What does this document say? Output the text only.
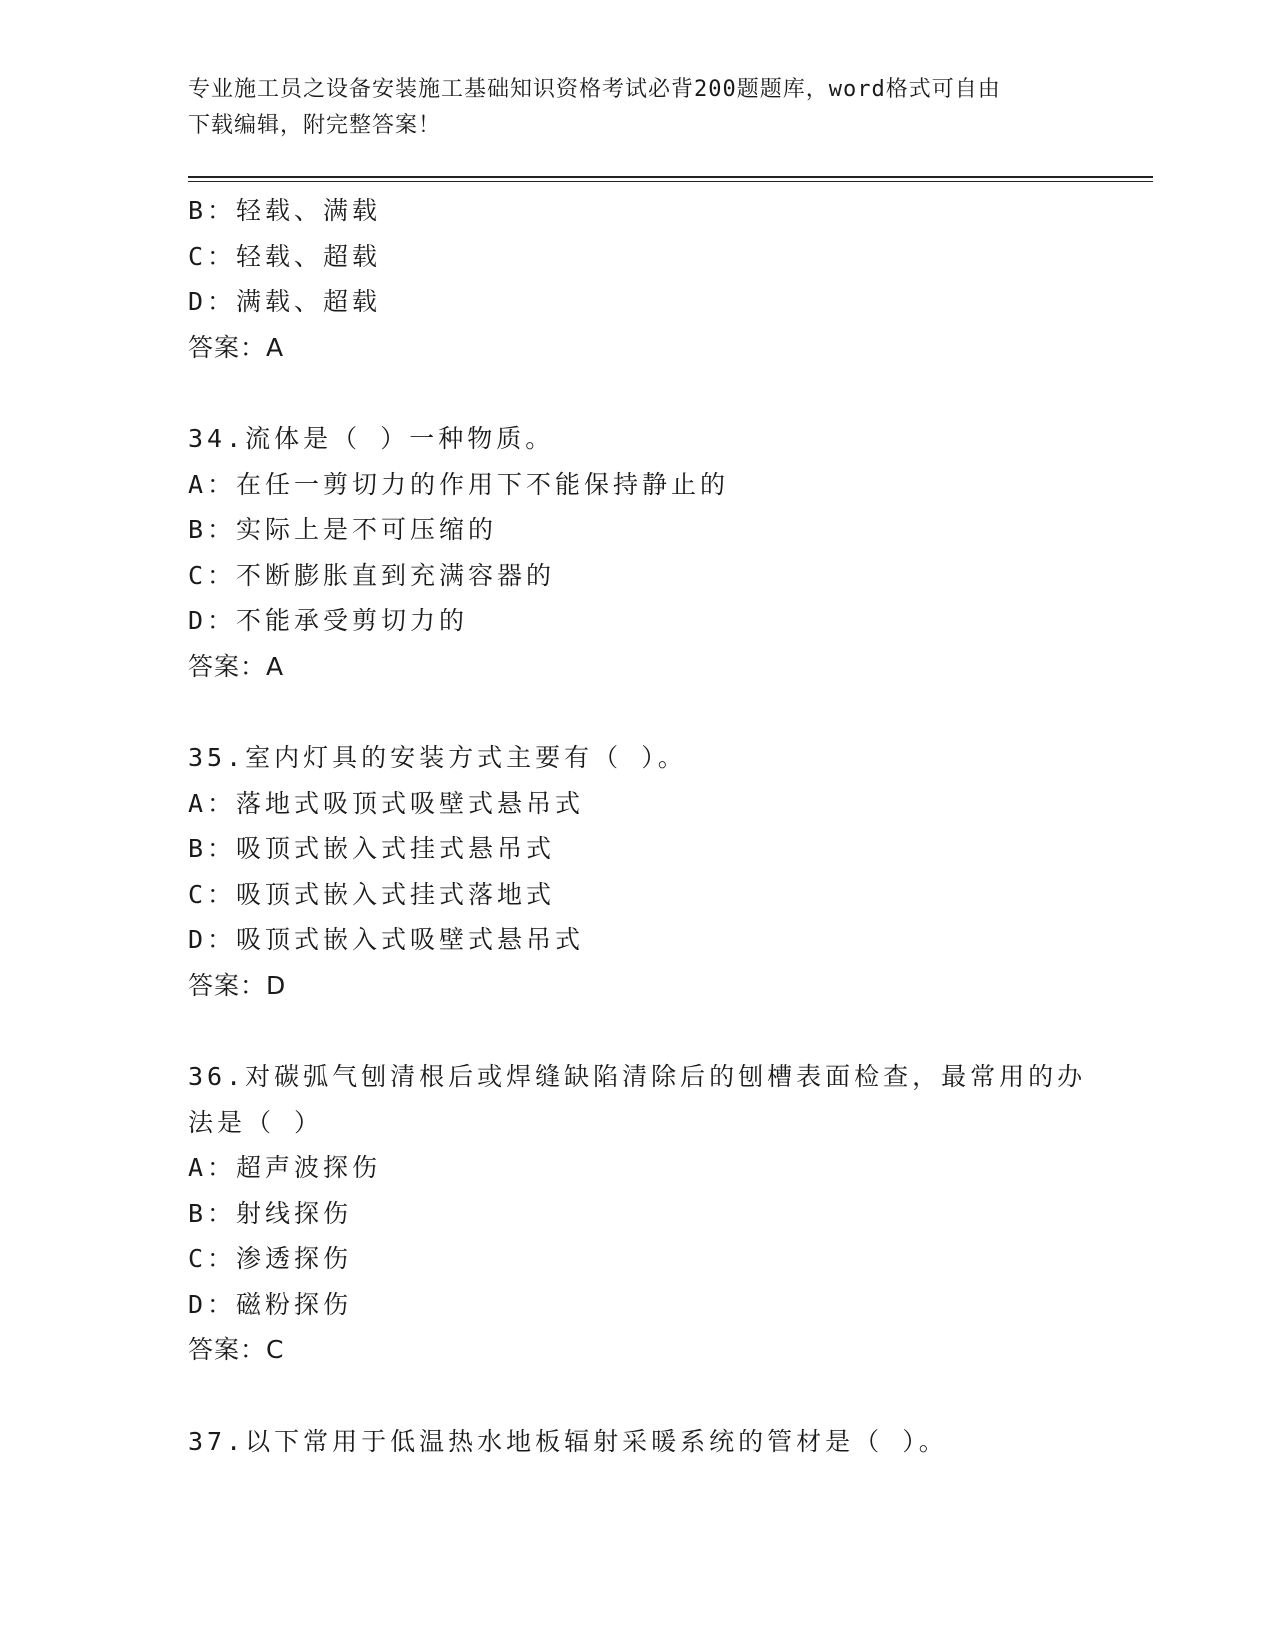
专业施工员之设备安装施工基础知识资格考试必背200题题库，word格式可自由
下载编辑，附完整答案！
B：轻载、满载
C：轻载、超载
D：满载、超载
答案：A
34.流体是（ ）一种物质。
A：在任一剪切力的作用下不能保持静止的
B：实际上是不可压缩的
C：不断膨胀直到充满容器的
D：不能承受剪切力的
答案：A
35.室内灯具的安装方式主要有（ ）。
A：落地式吸顶式吸壁式悬吊式
B：吸顶式嵌入式挂式悬吊式
C：吸顶式嵌入式挂式落地式
D：吸顶式嵌入式吸壁式悬吊式
答案：D
36.对碳弧气刨清根后或焊缝缺陷清除后的刨槽表面检查，最常用的办
法是（ ）
A：超声波探伤
B：射线探伤
C：渗透探伤
D：磁粉探伤
答案：C
37.以下常用于低温热水地板辐射采暖系统的管材是（ ）。
